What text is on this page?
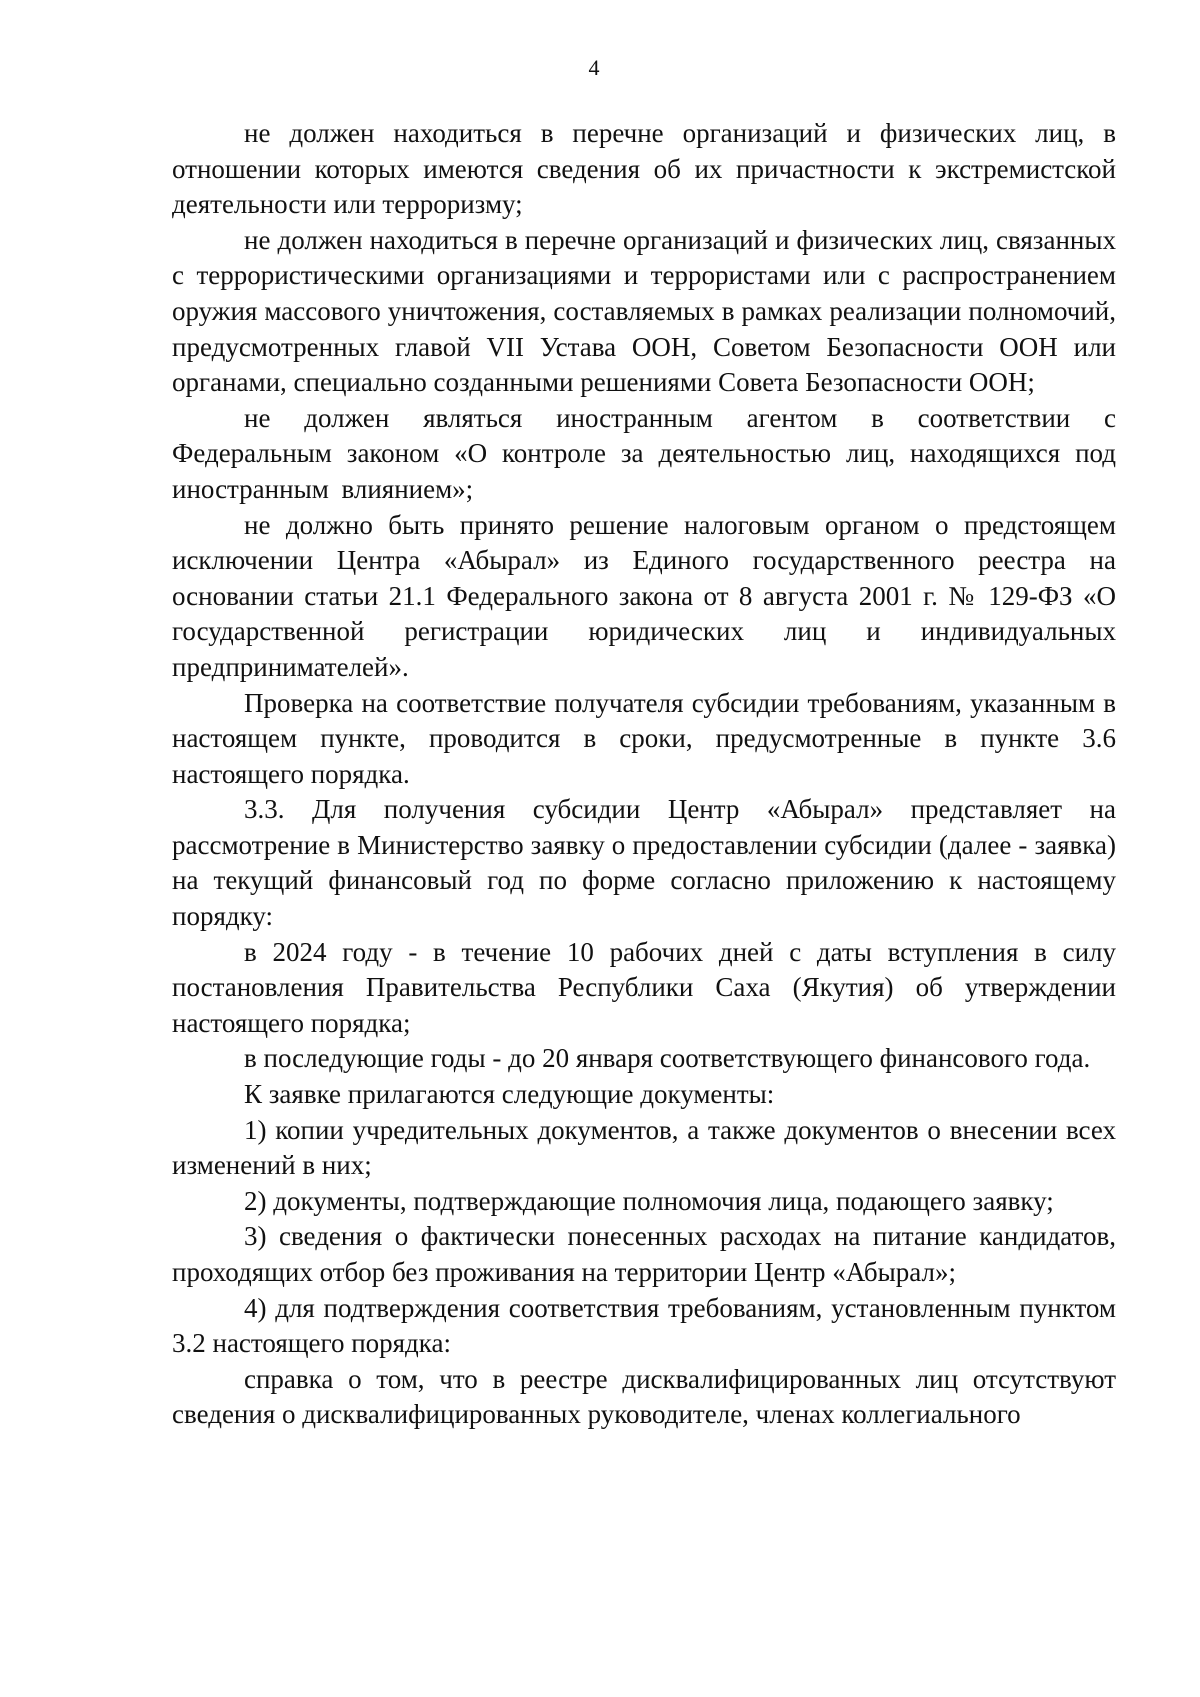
4

не должен находиться в перечне организаций и физических лиц, в отношении которых имеются сведения об их причастности к экстремистской деятельности или терроризму;

не должен находиться в перечне организаций и физических лиц, связанных с террористическими организациями и террористами или с распространением оружия массового уничтожения, составляемых в рамках реализации полномочий, предусмотренных главой VII Устава ООН, Советом Безопасности ООН или органами, специально созданными решениями Совета Безопасности ООН;

не должен являться иностранным агентом в соответствии с Федеральным законом «О контроле за деятельностью лиц, находящихся под иностранным влиянием»;

не должно быть принято решение налоговым органом о предстоящем исключении Центра «Абырал» из Единого государственного реестра на основании статьи 21.1 Федерального закона от 8 августа 2001 г. № 129-ФЗ «О государственной регистрации юридических лиц и индивидуальных предпринимателей».

Проверка на соответствие получателя субсидии требованиям, указанным в настоящем пункте, проводится в сроки, предусмотренные в пункте 3.6 настоящего порядка.

3.3. Для получения субсидии Центр «Абырал» представляет на рассмотрение в Министерство заявку о предоставлении субсидии (далее - заявка) на текущий финансовый год по форме согласно приложению к настоящему порядку:

в 2024 году - в течение 10 рабочих дней с даты вступления в силу постановления Правительства Республики Саха (Якутия) об утверждении настоящего порядка;

в последующие годы - до 20 января соответствующего финансового года.

К заявке прилагаются следующие документы:

1) копии учредительных документов, а также документов о внесении всех изменений в них;

2) документы, подтверждающие полномочия лица, подающего заявку;

3) сведения о фактически понесенных расходах на питание кандидатов, проходящих отбор без проживания на территории Центр «Абырал»;

4) для подтверждения соответствия требованиям, установленным пунктом 3.2 настоящего порядка:

справка о том, что в реестре дисквалифицированных лиц отсутствуют сведения о дисквалифицированных руководителе, членах коллегиального
